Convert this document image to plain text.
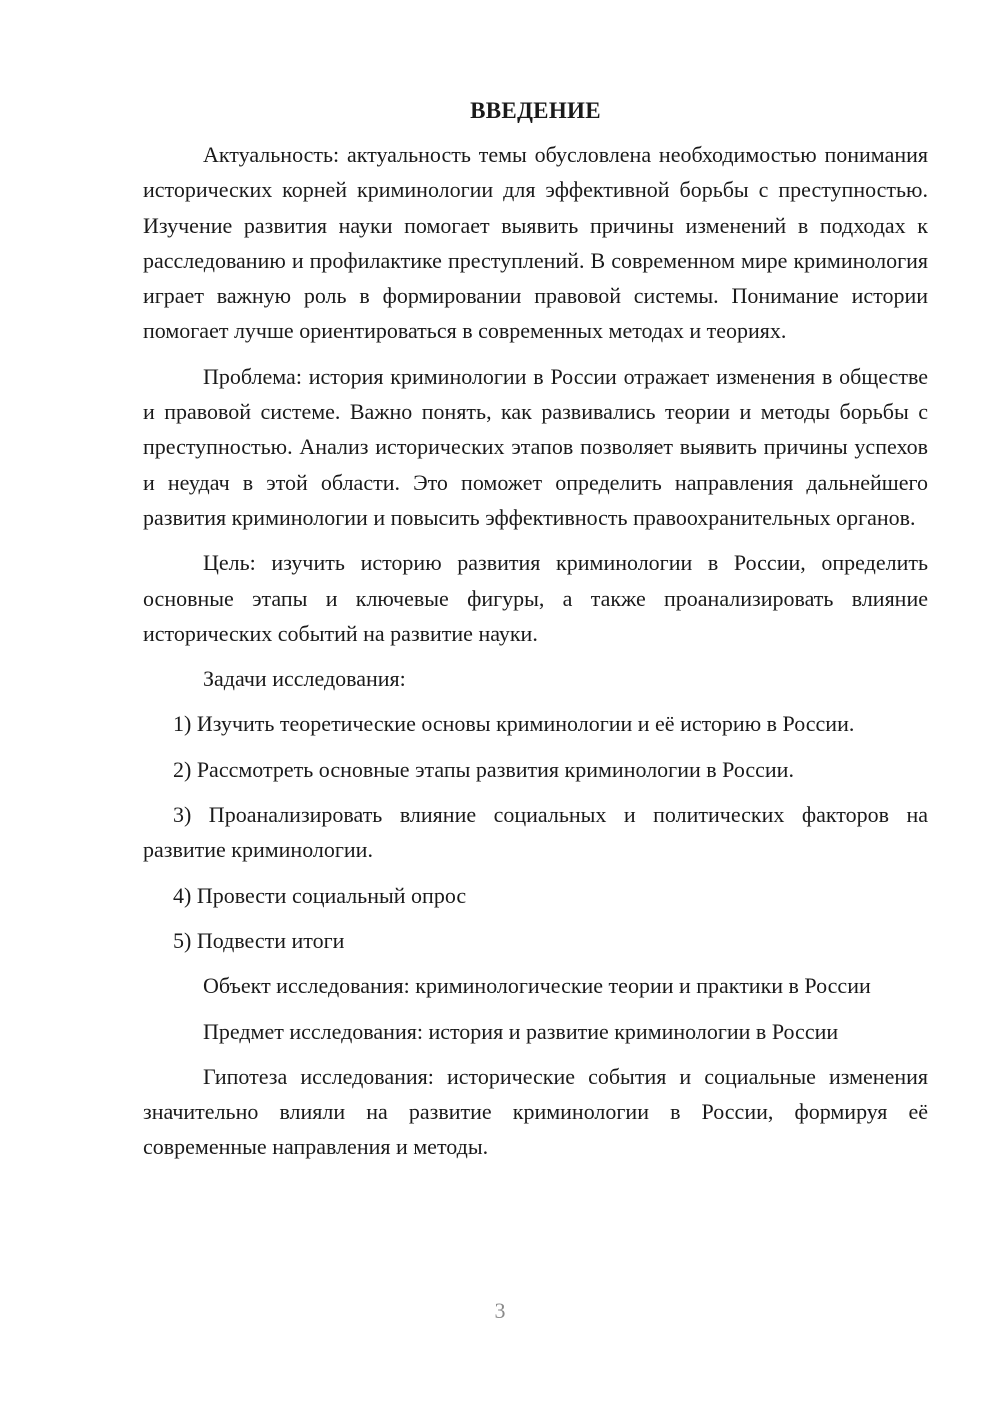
ВВЕДЕНИЕ

Актуальность: актуальность темы обусловлена необходимостью понимания исторических корней криминологии для эффективной борьбы с преступностью. Изучение развития науки помогает выявить причины изменений в подходах к расследованию и профилактике преступлений. В современном мире криминология играет важную роль в формировании правовой системы. Понимание истории помогает лучше ориентироваться в современных методах и теориях.

Проблема: история криминологии в России отражает изменения в обществе и правовой системе. Важно понять, как развивались теории и методы борьбы с преступностью. Анализ исторических этапов позволяет выявить причины успехов и неудач в этой области. Это поможет определить направления дальнейшего развития криминологии и повысить эффективность правоохранительных органов.

Цель: изучить историю развития криминологии в России, определить основные этапы и ключевые фигуры, а также проанализировать влияние исторических событий на развитие науки.

Задачи исследования:

1) Изучить теоретические основы криминологии и её историю в России.

2) Рассмотреть основные этапы развития криминологии в России.

3) Проанализировать влияние социальных и политических факторов на развитие криминологии.

4) Провести социальный опрос

5) Подвести итоги

Объект исследования: криминологические теории и практики в России

Предмет исследования: история и развитие криминологии в России

Гипотеза исследования: исторические события и социальные изменения значительно влияли на развитие криминологии в России, формируя её современные направления и методы.

3
